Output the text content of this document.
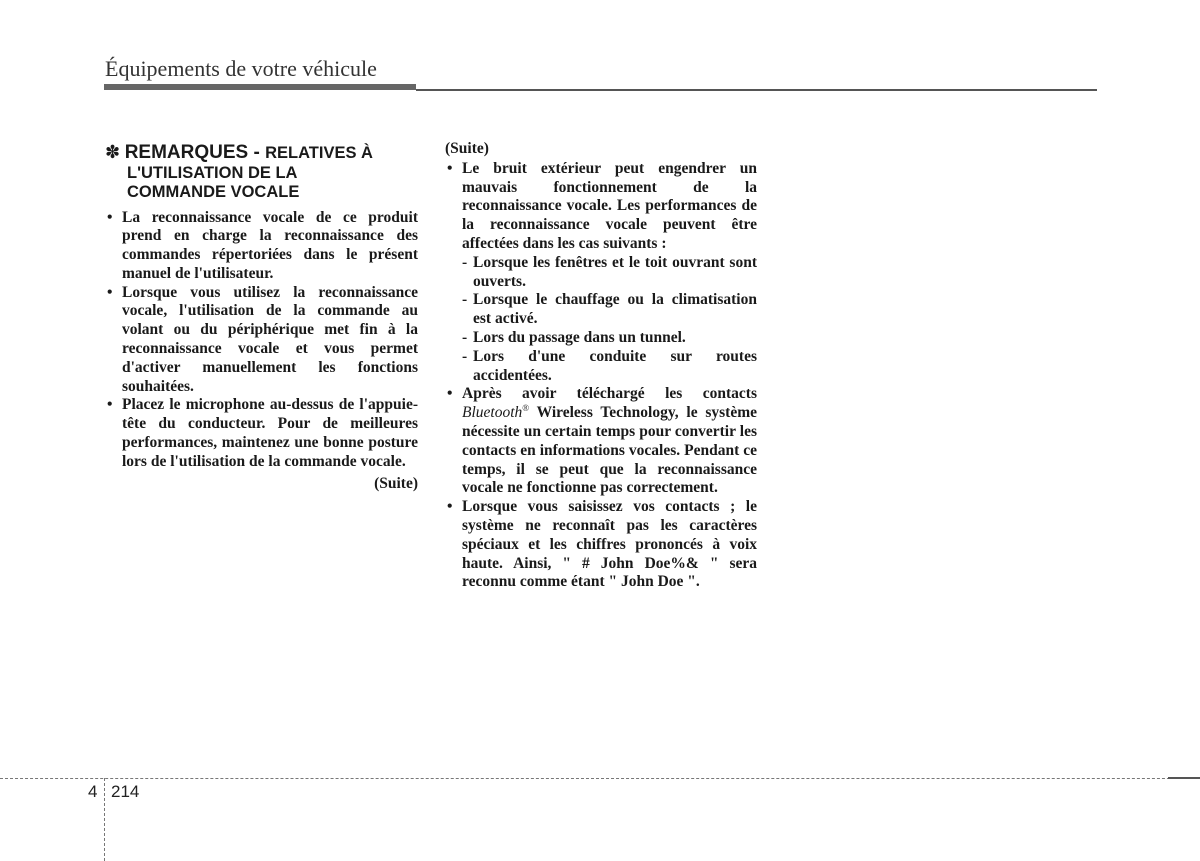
Équipements de votre véhicule
✽ REMARQUES - RELATIVES À
L'UTILISATION DE LA
COMMANDE VOCALE
• La reconnaissance vocale de ce produit prend en charge la reconnaissance des commandes répertoriées dans le présent manuel de l'utilisateur.
• Lorsque vous utilisez la reconnaissance vocale, l'utilisation de la commande au volant ou du périphérique met fin à la reconnaissance vocale et vous permet d'activer manuellement les fonctions souhaitées.
• Placez le microphone au-dessus de l'appuie-tête du conducteur. Pour de meilleures performances, maintenez une bonne posture lors de l'utilisation de la commande vocale.
(Suite)
(Suite)
• Le bruit extérieur peut engendrer un mauvais fonctionnement de la reconnaissance vocale. Les performances de la reconnaissance vocale peuvent être affectées dans les cas suivants :
- Lorsque les fenêtres et le toit ouvrant sont ouverts.
- Lorsque le chauffage ou la climatisation est activé.
- Lors du passage dans un tunnel.
- Lors d'une conduite sur routes accidentées.
• Après avoir téléchargé les contacts Bluetooth® Wireless Technology, le système nécessite un certain temps pour convertir les contacts en informations vocales. Pendant ce temps, il se peut que la reconnaissance vocale ne fonctionne pas correctement.
• Lorsque vous saisissez vos contacts ; le système ne reconnaît pas les caractères spéciaux et les chiffres prononcés à voix haute. Ainsi, " # John Doe%& " sera reconnu comme étant " John Doe ".
4 214
